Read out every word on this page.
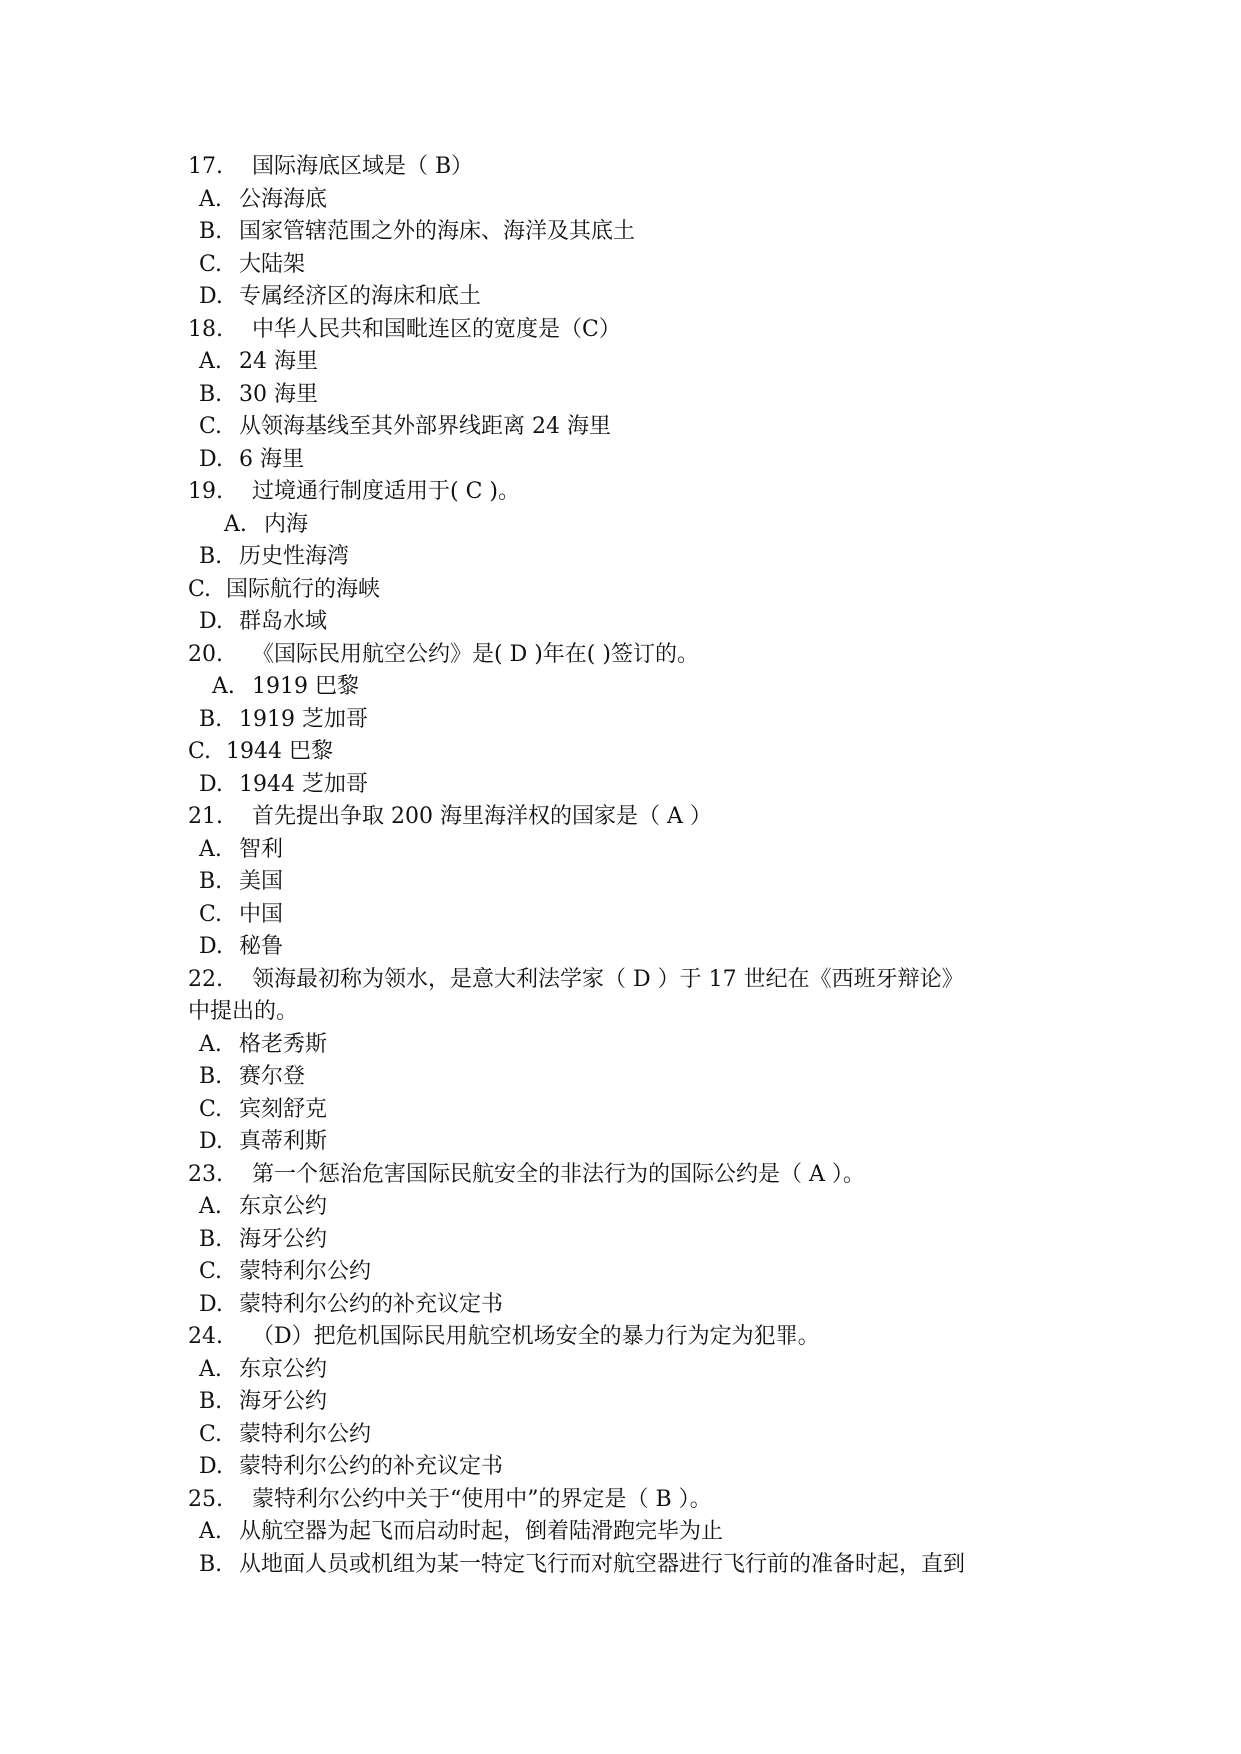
17. 国际海底区域是（ B）
A. 公海海底
B. 国家管辖范围之外的海床、海洋及其底土
C. 大陆架
D. 专属经济区的海床和底土
18. 中华人民共和国毗连区的宽度是（C）
A. 24 海里
B. 30 海里
C. 从领海基线至其外部界线距离 24 海里
D. 6 海里
19. 过境通行制度适用于( C )。
A. 内海
B. 历史性海湾
C. 国际航行的海峡
D. 群岛水域
20. 《国际民用航空公约》是( D )年在( )签订的。
A. 1919 巴黎
B. 1919 芝加哥
C. 1944 巴黎
D. 1944 芝加哥
21. 首先提出争取 200 海里海洋权的国家是（ A ）
A. 智利
B. 美国
C. 中国
D. 秘鲁
22. 领海最初称为领水，是意大利法学家（ D ）于 17 世纪在《西班牙辩论》
中提出的。
A. 格老秀斯
B. 赛尔登
C. 宾刻舒克
D. 真蒂利斯
23. 第一个惩治危害国际民航安全的非法行为的国际公约是（ A ）。
A. 东京公约
B. 海牙公约
C. 蒙特利尔公约
D. 蒙特利尔公约的补充议定书
24. （D）把危机国际民用航空机场安全的暴力行为定为犯罪。
A. 东京公约
B. 海牙公约
C. 蒙特利尔公约
D. 蒙特利尔公约的补充议定书
25. 蒙特利尔公约中关于“使用中”的界定是（ B ）。
A. 从航空器为起飞而启动时起，倒着陆滑跑完毕为止
B. 从地面人员或机组为某一特定飞行而对航空器进行飞行前的准备时起，直到
